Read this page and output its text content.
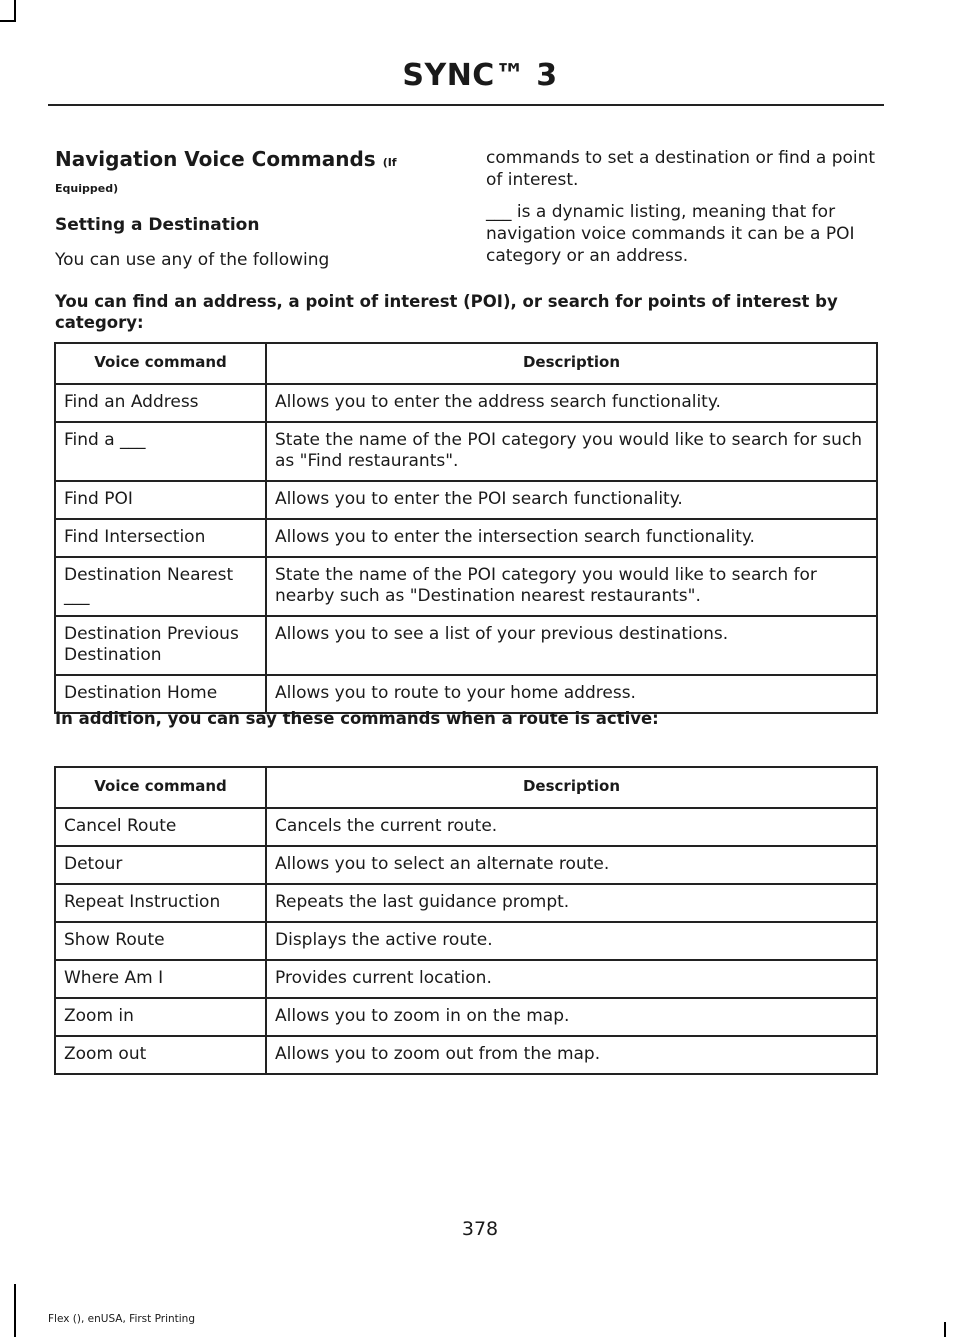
SYNC™ 3
Navigation Voice Commands (If
Equipped)
Setting a Destination

You can use any of the following

commands to set a destination or find a point of interest.

___ is a dynamic listing, meaning that for navigation voice commands it can be a POI category or an address.

You can find an address, a point of interest (POI), or search for points of interest by category:
Voice command	Description
Find an Address	Allows you to enter the address search functionality.
Find a ___	State the name of the POI category you would like to search for such as "Find restaurants".
Find POI	Allows you to enter the POI search functionality.
Find Intersection	Allows you to enter the intersection search functionality.
Destination Nearest ___	State the name of the POI category you would like to search for nearby such as "Destination nearest restaurants".
Destination Previous Destination	Allows you to see a list of your previous destinations.
Destination Home	Allows you to route to your home address.
In addition, you can say these commands when a route is active:
Voice command	Description
Cancel Route	Cancels the current route.
Detour	Allows you to select an alternate route.
Repeat Instruction	Repeats the last guidance prompt.
Show Route	Displays the active route.
Where Am I	Provides current location.
Zoom in	Allows you to zoom in on the map.
Zoom out	Allows you to zoom out from the map.
378
Flex (), enUSA, First Printing
